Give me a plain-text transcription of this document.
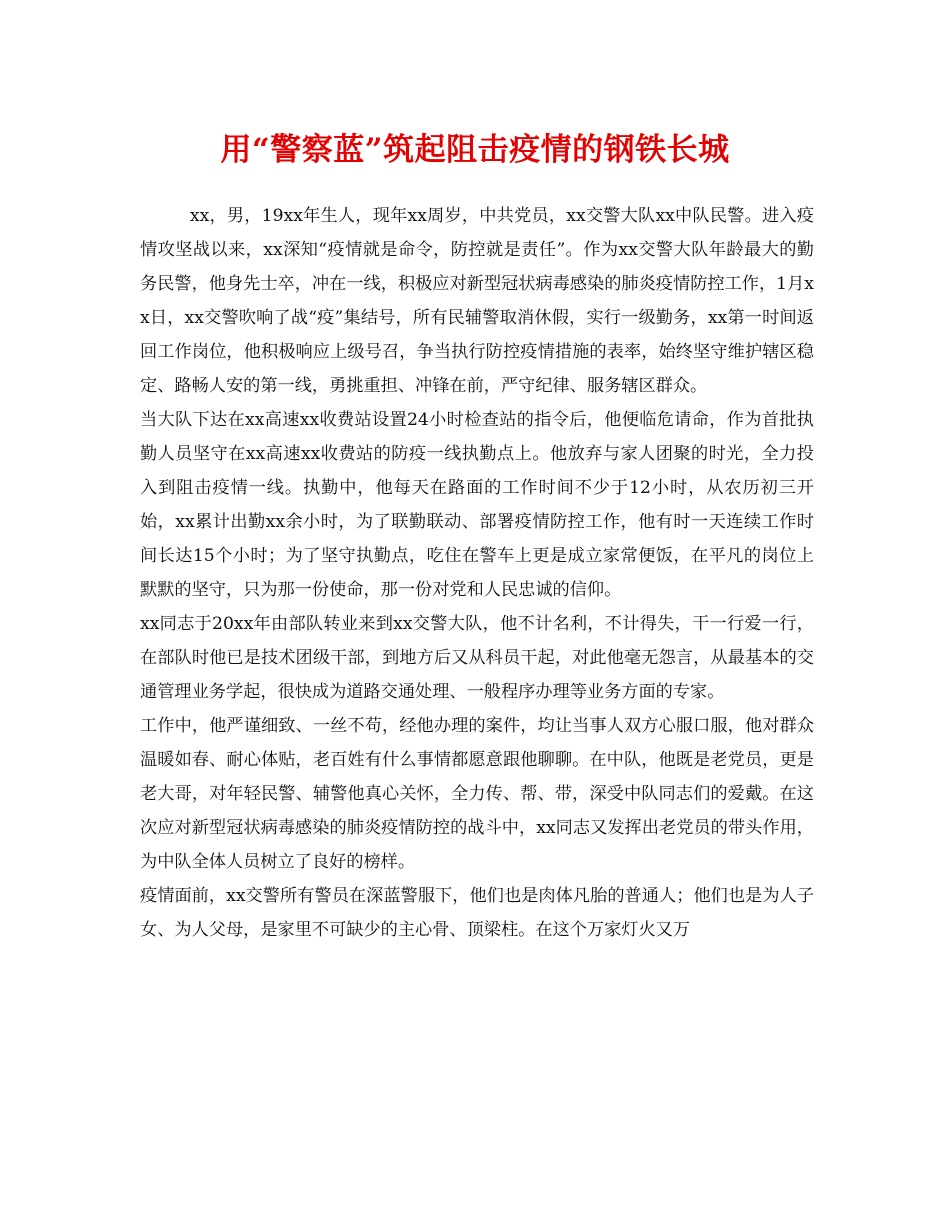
用“警察蓝”筑起阻击疫情的钢铁长城

xx，男，19xx年生人，现年xx周岁，中共党员，xx交警大队xx中队民警。进入疫情攻坚战以来，xx深知“疫情就是命令，防控就是责任”。作为xx交警大队年龄最大的勤务民警，他身先士卒，冲在一线，积极应对新型冠状病毒感染的肺炎疫情防控工作，1月xx日，xx交警吹响了战“疫”集结号，所有民辅警取消休假，实行一级勤务，xx第一时间返回工作岗位，他积极响应上级号召，争当执行防控疫情措施的表率，始终坚守维护辖区稳定、路畅人安的第一线，勇挑重担、冲锋在前，严守纪律、服务辖区群众。

当大队下达在xx高速xx收费站设置24小时检查站的指令后，他便临危请命，作为首批执勤人员坚守在xx高速xx收费站的防疫一线执勤点上。他放弃与家人团聚的时光，全力投入到阻击疫情一线。执勤中，他每天在路面的工作时间不少于12小时，从农历初三开始，xx累计出勤xx余小时，为了联勤联动、部署疫情防控工作，他有时一天连续工作时间长达15个小时；为了坚守执勤点，吃住在警车上更是成立家常便饭，在平凡的岗位上默默的坚守，只为那一份使命，那一份对党和人民忠诚的信仰。

xx同志于20xx年由部队转业来到xx交警大队，他不计名利，不计得失，干一行爱一行，在部队时他已是技术团级干部，到地方后又从科员干起，对此他毫无怨言，从最基本的交通管理业务学起，很快成为道路交通处理、一般程序办理等业务方面的专家。

工作中，他严谨细致、一丝不苟，经他办理的案件，均让当事人双方心服口服，他对群众温暖如春、耐心体贴，老百姓有什么事情都愿意跟他聊聊。在中队，他既是老党员，更是老大哥，对年轻民警、辅警他真心关怀，全力传、帮、带，深受中队同志们的爱戴。在这次应对新型冠状病毒感染的肺炎疫情防控的战斗中，xx同志又发挥出老党员的带头作用，为中队全体人员树立了良好的榜样。

疫情面前，xx交警所有警员在深蓝警服下，他们也是肉体凡胎的普通人；他们也是为人子女、为人父母，是家里不可缺少的主心骨、顶梁柱。在这个万家灯火又万
